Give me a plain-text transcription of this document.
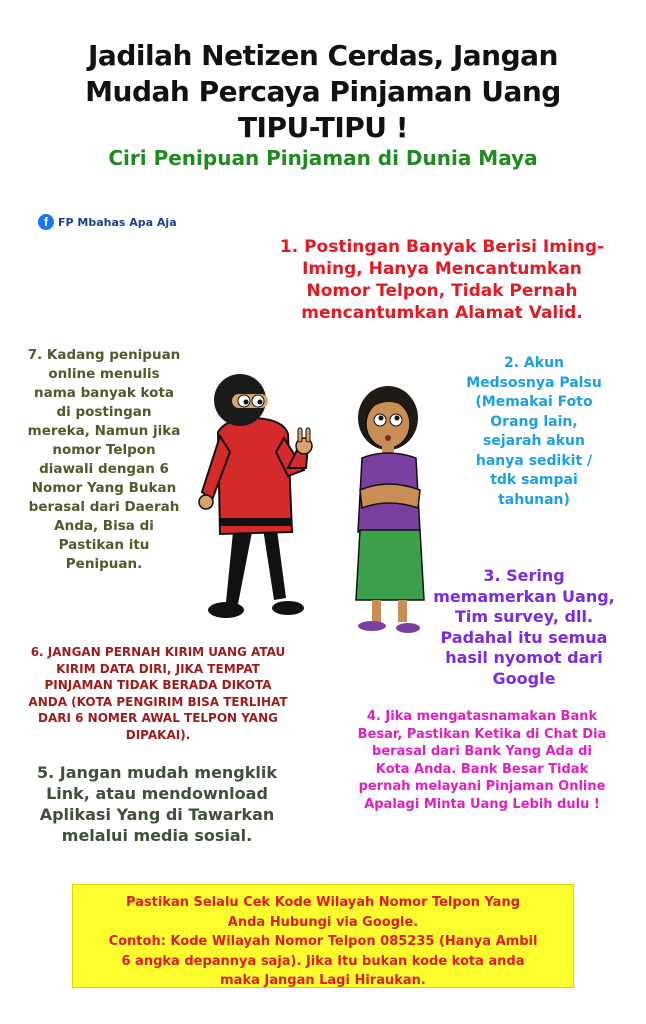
Jadilah Netizen Cerdas, Jangan
Mudah Percaya Pinjaman Uang
TIPU-TIPU !
Ciri Penipuan Pinjaman di Dunia Maya
f FP Mbahas Apa Aja
1. Postingan Banyak Berisi Iming-
Iming, Hanya Mencantumkan
Nomor Telpon, Tidak Pernah
mencantumkan Alamat Valid.
7. Kadang penipuan
online menulis
nama banyak kota
di postingan
mereka, Namun jika
nomor Telpon
diawali dengan 6
Nomor Yang Bukan
berasal dari Daerah
Anda, Bisa di
Pastikan itu
Penipuan.
2. Akun
Medsosnya Palsu
(Memakai Foto
Orang lain,
sejarah akun
hanya sedikit /
tdk sampai
tahunan)
3. Sering
memamerkan Uang,
Tim survey, dll.
Padahal itu semua
hasil nyomot dari
Google
6. JANGAN PERNAH KIRIM UANG ATAU
KIRIM DATA DIRI, JIKA TEMPAT
PINJAMAN TIDAK BERADA DIKOTA
ANDA (KOTA PENGIRIM BISA TERLIHAT
DARI 6 NOMER AWAL TELPON YANG
DIPAKAI).
4. Jika mengatasnamakan Bank
Besar, Pastikan Ketika di Chat Dia
berasal dari Bank Yang Ada di
Kota Anda. Bank Besar Tidak
pernah melayani Pinjaman Online
Apalagi Minta Uang Lebih dulu !
5. Jangan mudah mengklik
Link, atau mendownload
Aplikasi Yang di Tawarkan
melalui media sosial.

Pastikan Selalu Cek Kode Wilayah Nomor Telpon Yang
Anda Hubungi via Google.
Contoh: Kode Wilayah Nomor Telpon 085235 (Hanya Ambil
6 angka depannya saja). Jika Itu bukan kode kota anda
maka Jangan Lagi Hiraukan.
